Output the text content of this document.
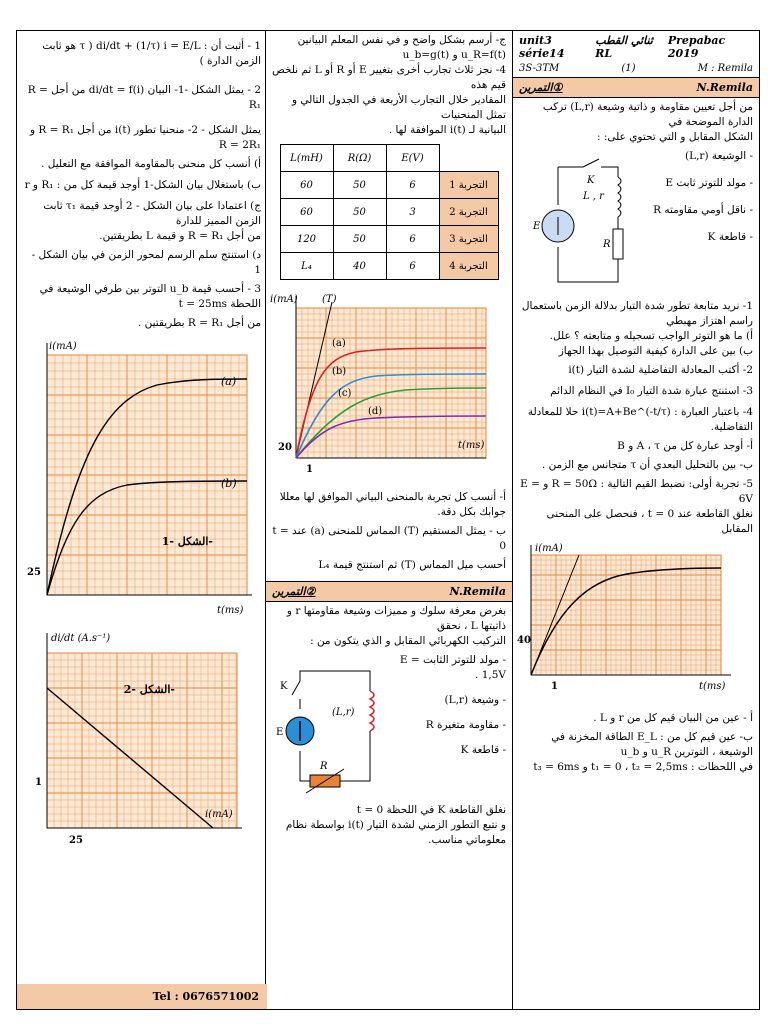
unit3 série14
ثنائي القطب RL
Prepabac 2019
3S-3TM	(1)	M : Remila
التمرين①	N.Remila
من أجل تعيين مقاومة و ذاتية وشيعة (L,r) تركب الدارة الموضحة في
الشكل المقابل و التي تحتوي على: :
- الوشيعة (L,r)
- مولد للتوتر ثابت E
- ناقل أومي مقاومته R
- قاطعة K
K
L , r
E
R
1- نريد متابعة تطور شدة التيار بدلالة الزمن باستعمال راسم اهتزاز مهبطي
أ) ما هو التوتر الواجب تسجيله و متابعته ؟ علل.
ب) بين على الدارة كيفية التوصيل بهذا الجهاز
2- أكتب المعادلة التفاضلية لشدة التيار i(t)
3- استنتج عبارة شدة التيار I₀ في النظام الدائم
4- باعتبار العبارة : i(t)=A+Be^(-t/τ) حلا للمعادلة التفاضلية.
أ- أوجد عبارة كل من A ، τ و B
ب- بين بالتحليل البعدي أن τ متجانس مع الزمن .
5- تجربة أولى: نضبط القيم التالية : R = 50Ω و E = 6V
نغلق القاطعة عند t = 0 ، فنحصل على المنحنى المقابل
i(mA)
t(ms)
40
1
أ - عين من البيان قيم كل من r و L .
ب- عين قيم كل من : E_L الطاقة المخزنة في الوشيعة ، التوترين u_R و u_b
في اللحظات : t₁ = 0 ، t₂ = 2,5ms و t₃ = 6ms
ج- أرسم بشكل واضح و في نفس المعلم البيانين u_R=f(t) و u_b=g(t)
4- نجز ثلاث تجارب أخرى بتغيير E أو R أو L ثم نلخص قيم هذه
المقادير خلال التجارب الأربعة في الجدول التالي و تمثل المنحنيات
البيانية لـ i(t) الموافقة لها .
L(mH)	R(Ω)	E(V)	
60	50	6	التجربة 1
60	50	3	التجربة 2
120	50	6	التجربة 3
L₄	40	6	التجربة 4
i(mA)
t(ms)
20
1
(T)
(a)
(b)
(c)
(d)
أ- أنسب كل تجربة بالمنحنى البياني الموافق لها معللا جوابك بكل دقة.
ب - يمثل المستقيم (T) المماس للمنحنى (a) عند t = 0
أحسب ميل المماس (T) ثم استنتج قيمة L₄
التمرين②	N.Remila
بغرض معرفة سلوك و مميزات وشيعة مقاومتها r و ذاتيتها L ، نحقق
التركيب الكهربائي المقابل و الذي يتكون من :
- مولد للتوتر الثابت E = 1,5V .
- وشيعة (L,r)
- مقاومة متغيرة R
- قاطعة K
K
E
(L,r)
R
نغلق القاطعة K في اللحظة t = 0
و نتبع التطور الزمني لشدة التيار i(t) بواسطة نظام معلوماتي مناسب.
1 - أثبت أن : di/dt + (1/τ) i = E/L ( τ هو ثابت الزمن الدارة )
2 - يمثل الشكل -1- البيان di/dt = f(i) من أجل R = R₁
يمثل الشكل - 2- منحنيا تطور i(t) من أجل R = R₁ و R = 2R₁
أ) أنسب كل منحنى بالمقاومة الموافقة مع التعليل .
ب) باستغلال بيان الشكل-1 أوجد قيمة كل من : R₁ و r
ج) اعتمادا على بيان الشكل - 2 أوجد قيمة τ₁ ثابت الزمن المميز للدارة
من أجل R = R₁ و قيمة L بطريقتين.
د) استنتج سلم الرسم لمحور الزمن في بيان الشكل - 1
3 - أحسب قيمة u_b التوتر بين طرفي الوشيعة في اللحظة t = 25ms
من أجل R = R₁ بطريقتين .
i(mA)
t(ms)
25
(a)
(b)
الشكل -1-
di/dt (A.s⁻¹)
i(mA)
1
25
الشكل -2-
Tel : 0676571002
